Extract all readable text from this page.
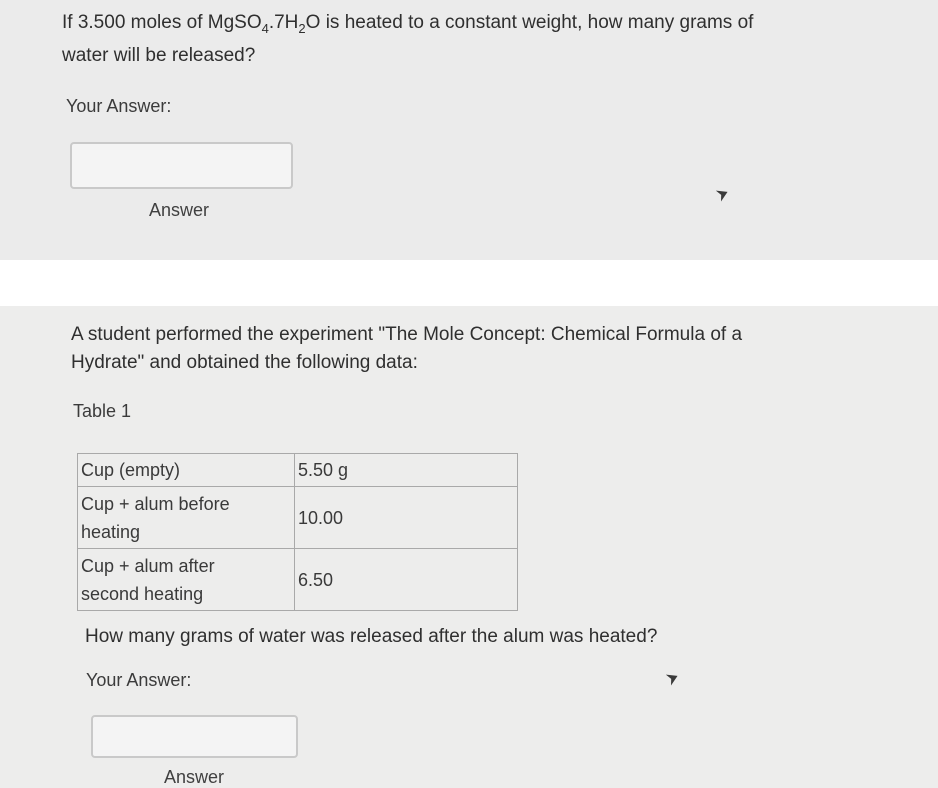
If 3.500 moles of $MgSO_4.7H_2O$ is heated to a constant weight, how many grams of
water will be released?
Your Answer:
Answer
A student performed the experiment "The Mole Concept: Chemical Formula of a
Hydrate" and obtained the following data:
Table 1
Cup (empty)	5.50 g

Cup + alum before
heating	10.00

Cup + alum after
second heating	6.50
How many grams of water was released after the alum was heated?
Your Answer:
Answer
